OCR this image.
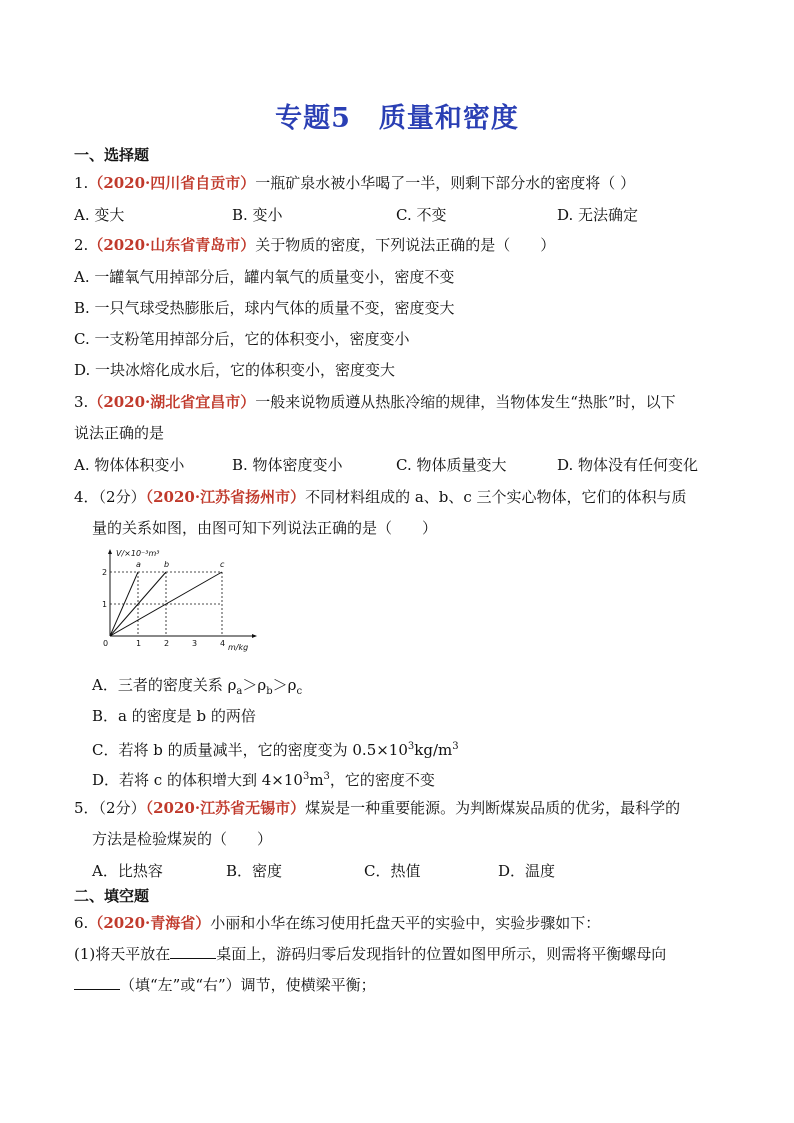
专题5　质量和密度
一、选择题
1.（2020·四川省自贡市）一瓶矿泉水被小华喝了一半，则剩下部分水的密度将（ ）
A. 变大	B. 变小	C. 不变	D. 无法确定
2.（2020·山东省青岛市）关于物质的密度，下列说法正确的是（　　）
A. 一罐氧气用掉部分后，罐内氧气的质量变小，密度不变
B. 一只气球受热膨胀后，球内气体的质量不变，密度变大
C. 一支粉笔用掉部分后，它的体积变小，密度变小
D. 一块冰熔化成水后，它的体积变小，密度变大
3.（2020·湖北省宜昌市）一般来说物质遵从热胀冷缩的规律，当物体发生“热胀”时，以下
说法正确的是
A. 物体体积变小	B. 物体密度变小	C. 物体质量变大	D. 物体没有任何变化
4．（2分）（2020·江苏省扬州市）不同材料组成的 a、b、c 三个实心物体，它们的体积与质
量的关系如图，由图可知下列说法正确的是（　　）
a	b	c
0	1	2	3	4
1
2
V/×10⁻³m³
m/kg
A．三者的密度关系 $\rho_a>\rho_b>\rho_c$
B．a 的密度是 b 的两倍
C．若将 b 的质量减半，它的密度变为 $0.5\times 10^3kg/m^3$
D．若将 c 的体积增大到 $4\times 10^3m^3$，它的密度不变
5．（2分）（2020·江苏省无锡市）煤炭是一种重要能源。为判断煤炭品质的优劣，最科学的
方法是检验煤炭的（　　）
A．比热容	B．密度	C．热值	D．温度
二、填空题
6.（2020·青海省）小丽和小华在练习使用托盘天平的实验中，实验步骤如下：
(1)将天平放在	桌面上，游码归零后发现指针的位置如图甲所示，则需将平衡螺母向
（填“左”或“右”）调节，使横梁平衡；
